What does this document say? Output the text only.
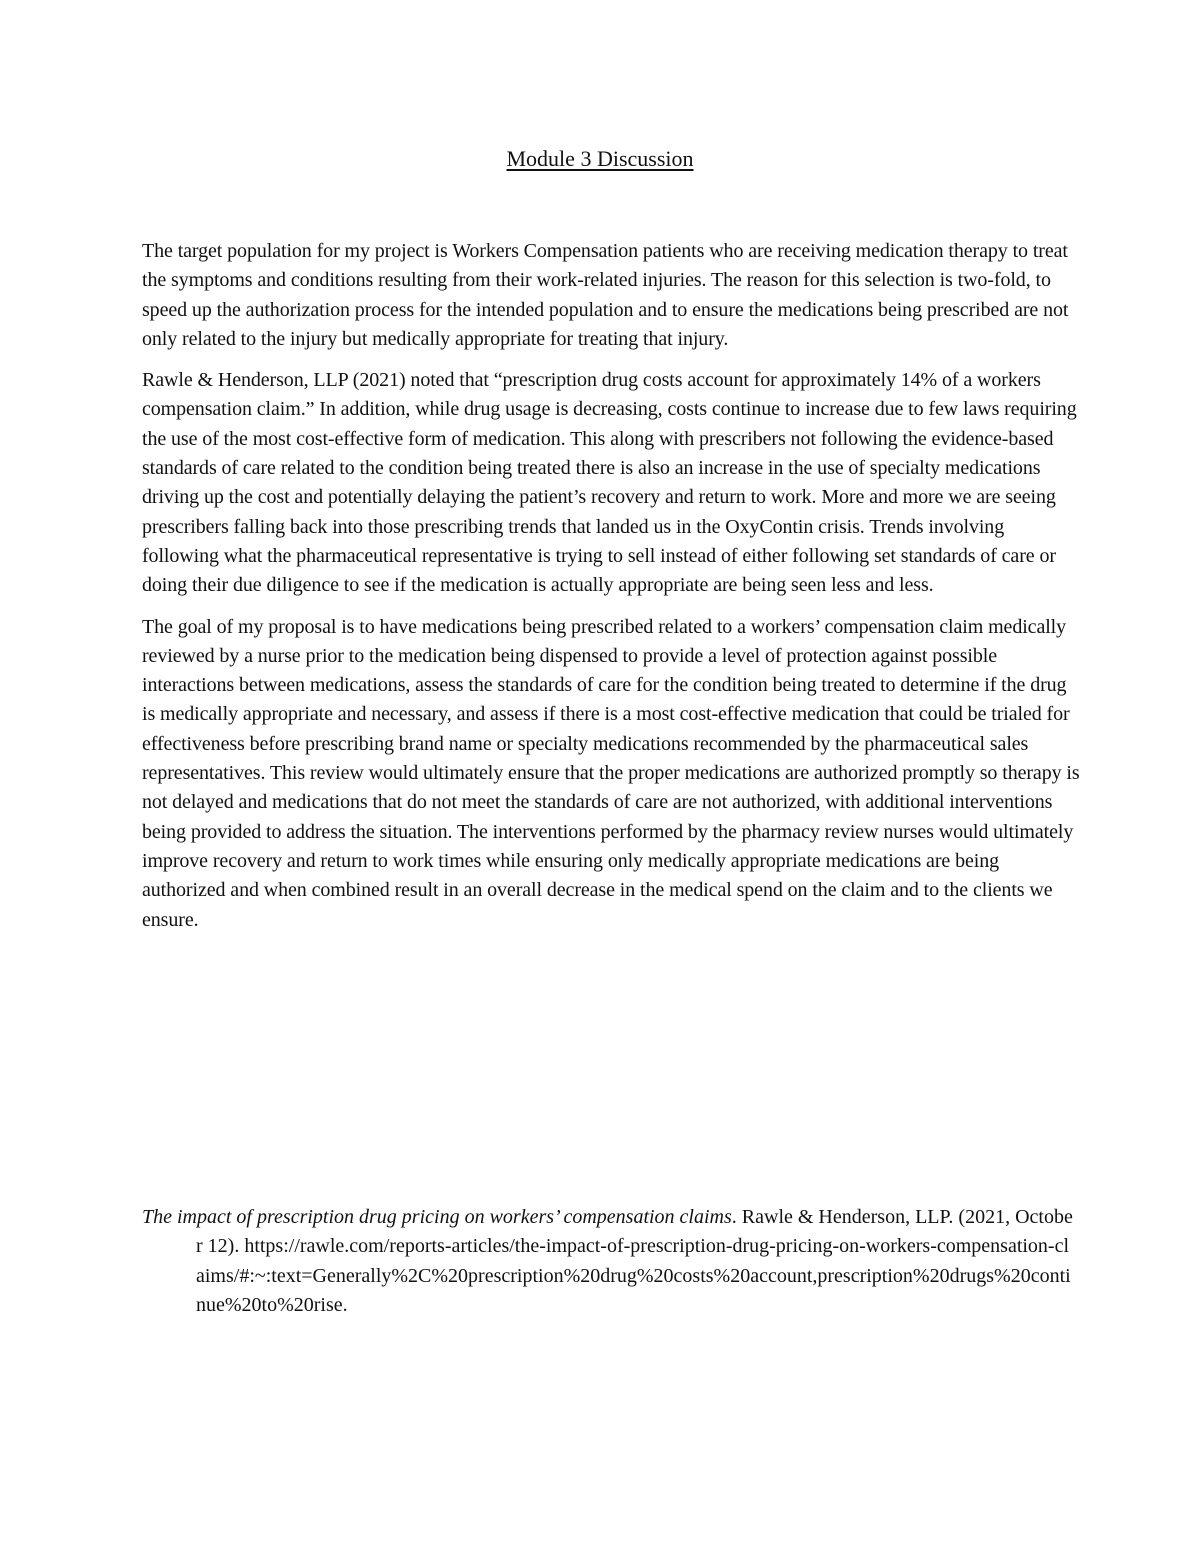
Module 3 Discussion

The target population for my project is Workers Compensation patients who are receiving medication therapy to treat the symptoms and conditions resulting from their work-related injuries. The reason for this selection is two-fold, to speed up the authorization process for the intended population and to ensure the medications being prescribed are not only related to the injury but medically appropriate for treating that injury.

Rawle & Henderson, LLP (2021) noted that “prescription drug costs account for approximately 14% of a workers compensation claim.” In addition, while drug usage is decreasing, costs continue to increase due to few laws requiring the use of the most cost-effective form of medication. This along with prescribers not following the evidence-based standards of care related to the condition being treated there is also an increase in the use of specialty medications driving up the cost and potentially delaying the patient’s recovery and return to work. More and more we are seeing prescribers falling back into those prescribing trends that landed us in the OxyContin crisis. Trends involving following what the pharmaceutical representative is trying to sell instead of either following set standards of care or doing their due diligence to see if the medication is actually appropriate are being seen less and less.

The goal of my proposal is to have medications being prescribed related to a workers’ compensation claim medically reviewed by a nurse prior to the medication being dispensed to provide a level of protection against possible interactions between medications, assess the standards of care for the condition being treated to determine if the drug is medically appropriate and necessary, and assess if there is a most cost-effective medication that could be trialed for effectiveness before prescribing brand name or specialty medications recommended by the pharmaceutical sales representatives. This review would ultimately ensure that the proper medications are authorized promptly so therapy is not delayed and medications that do not meet the standards of care are not authorized, with additional interventions being provided to address the situation. The interventions performed by the pharmacy review nurses would ultimately improve recovery and return to work times while ensuring only medically appropriate medications are being authorized and when combined result in an overall decrease in the medical spend on the claim and to the clients we ensure.

The impact of prescription drug pricing on workers’ compensation claims. Rawle & Henderson, LLP. (2021, October 12). https://rawle.com/reports-articles/the-impact-of-prescription-drug-pricing-on-workers-compensation-claims/#:~:text=Generally%2C%20prescription%20drug%20costs%20account,prescription%20drugs%20continue%20to%20rise.
